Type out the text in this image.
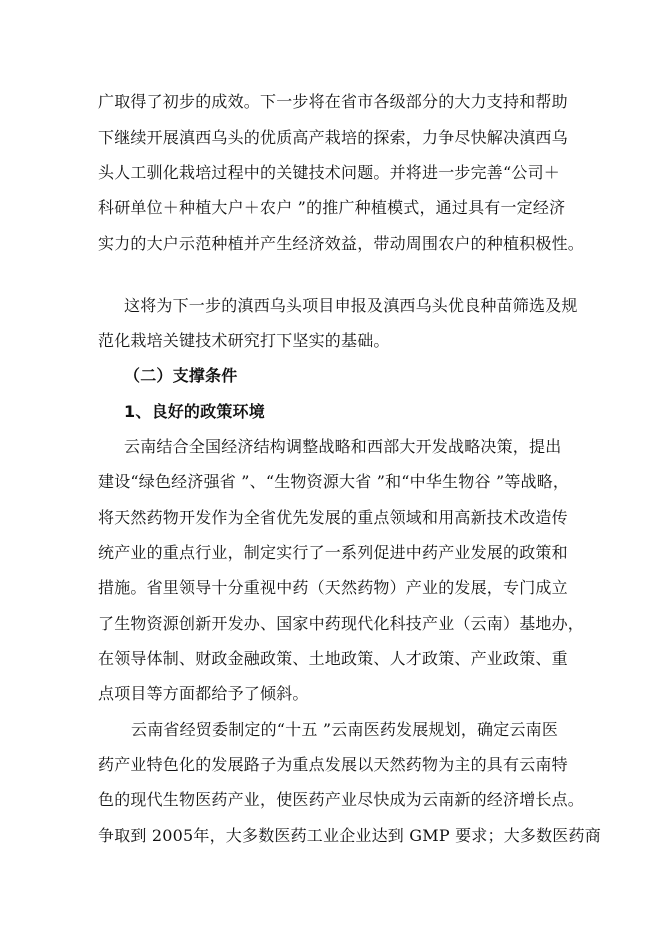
广取得了初步的成效。下一步将在省市各级部分的大力支持和帮助
下继续开展滇西乌头的优质高产栽培的探索，力争尽快解决滇西乌
头人工驯化栽培过程中的关键技术问题。并将进一步完善“公司＋
科研单位＋种植大户＋农户 ”的推广种植模式，通过具有一定经济
实力的大户示范种植并产生经济效益，带动周围农户的种植积极性。
这将为下一步的滇西乌头项目申报及滇西乌头优良种苗筛选及规
范化栽培关键技术研究打下坚实的基础。
（二）支撑条件
1、良好的政策环境
云南结合全国经济结构调整战略和西部大开发战略决策，提出
建设“绿色经济强省 ”、“生物资源大省 ”和“中华生物谷 ”等战略，
将天然药物开发作为全省优先发展的重点领域和用高新技术改造传
统产业的重点行业，制定实行了一系列促进中药产业发展的政策和
措施。省里领导十分重视中药（天然药物）产业的发展，专门成立
了生物资源创新开发办、国家中药现代化科技产业（云南）基地办，
在领导体制、财政金融政策、土地政策、人才政策、产业政策、重
点项目等方面都给予了倾斜。
云南省经贸委制定的“十五 ”云南医药发展规划，确定云南医
药产业特色化的发展路子为重点发展以天然药物为主的具有云南特
色的现代生物医药产业，使医药产业尽快成为云南新的经济增长点。
争取到 2005年，大多数医药工业企业达到 GMP 要求；大多数医药商
